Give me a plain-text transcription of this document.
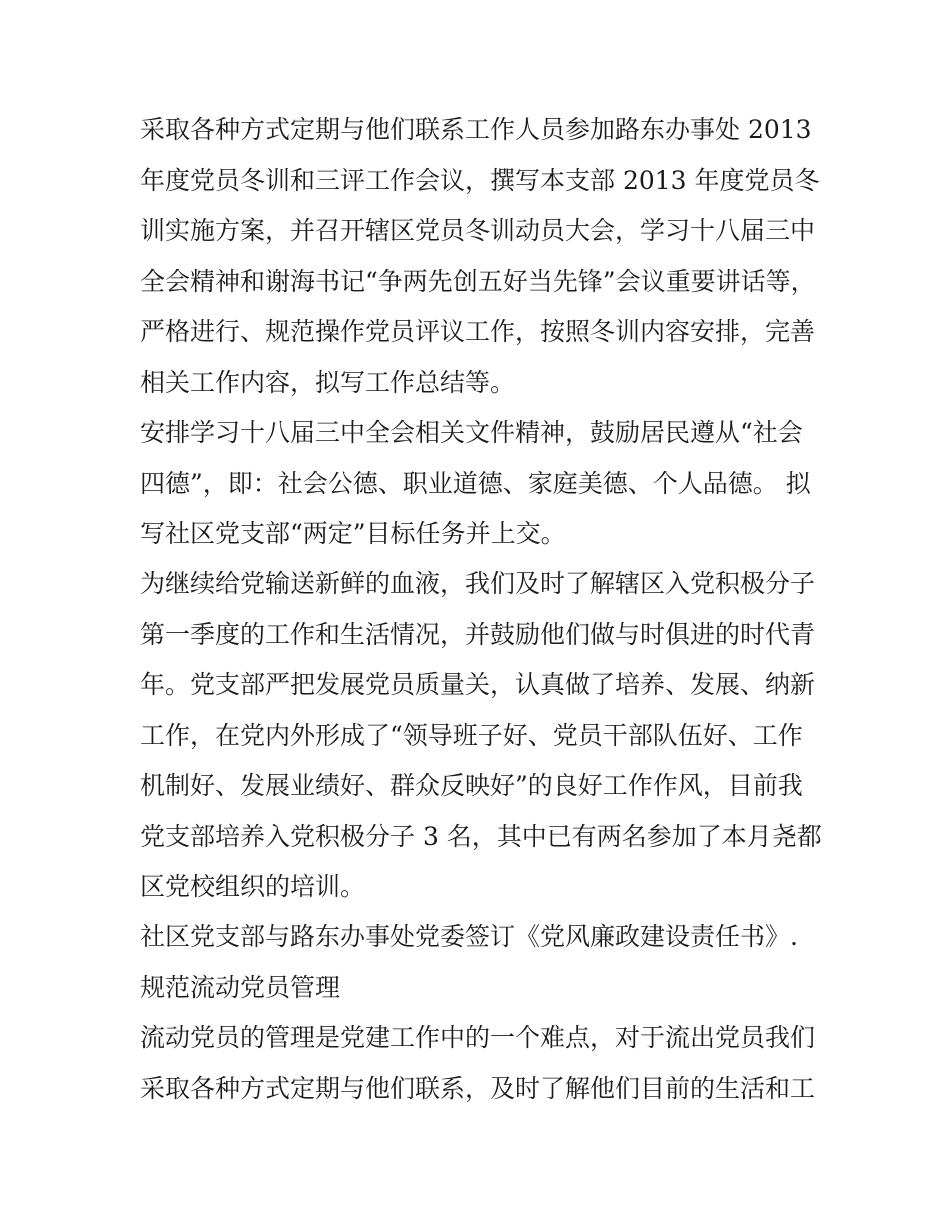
采取各种方式定期与他们联系工作人员参加路东办事处 2013
年度党员冬训和三评工作会议，撰写本支部 2013 年度党员冬
训实施方案，并召开辖区党员冬训动员大会，学习十八届三中
全会精神和谢海书记“争两先创五好当先锋”会议重要讲话等，
严格进行、规范操作党员评议工作，按照冬训内容安排，完善
相关工作内容，拟写工作总结等。
安排学习十八届三中全会相关文件精神，鼓励居民遵从“社会
四德”，即：社会公德、职业道德、家庭美德、个人品德。 拟
写社区党支部“两定”目标任务并上交。
为继续给党输送新鲜的血液，我们及时了解辖区入党积极分子
第一季度的工作和生活情况，并鼓励他们做与时俱进的时代青
年。党支部严把发展党员质量关，认真做了培养、发展、纳新
工作，在党内外形成了“领导班子好、党员干部队伍好、工作
机制好、发展业绩好、群众反映好”的良好工作作风，目前我
党支部培养入党积极分子 3 名，其中已有两名参加了本月尧都
区党校组织的培训。
社区党支部与路东办事处党委签订《党风廉政建设责任书》.
规范流动党员管理
流动党员的管理是党建工作中的一个难点，对于流出党员我们
采取各种方式定期与他们联系，及时了解他们目前的生活和工
